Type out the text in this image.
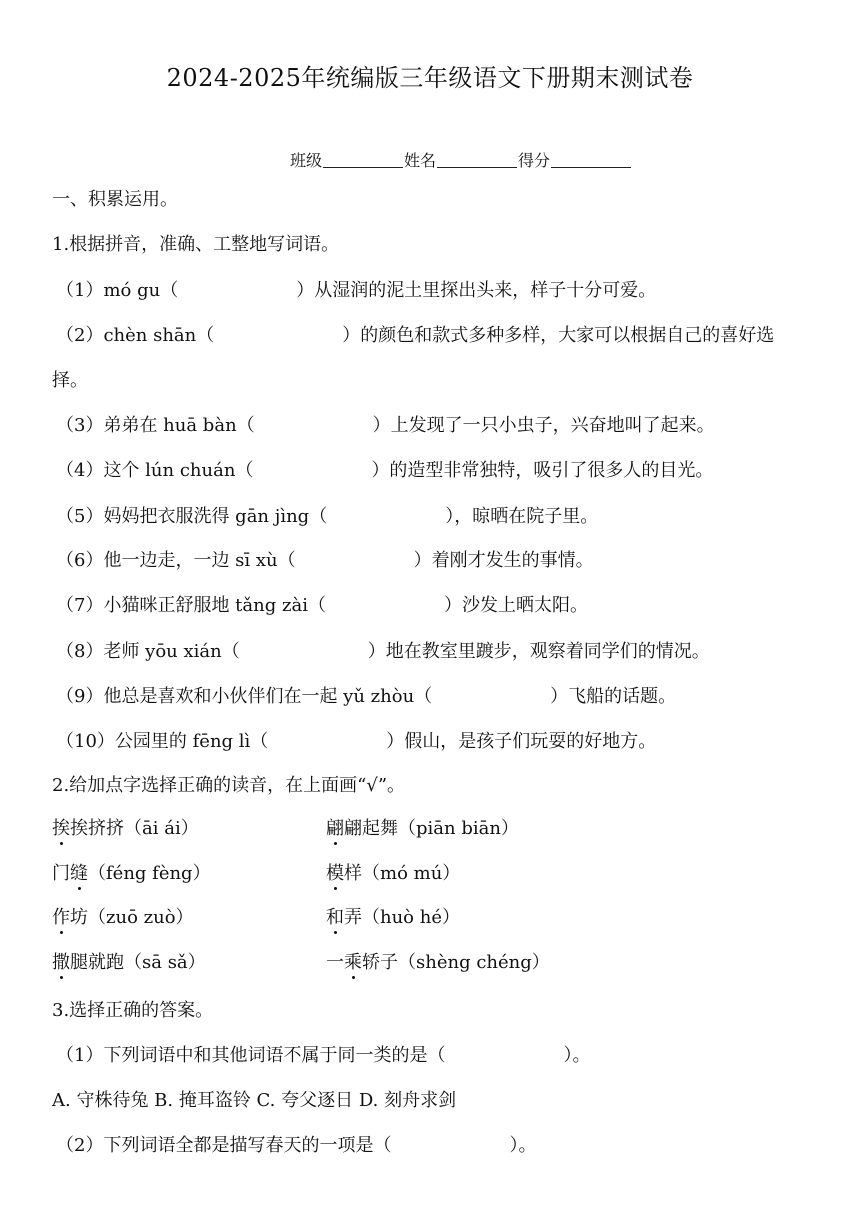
2024-2025年统编版三年级语文下册期末测试卷
班级	姓名	得分
一、积累运用。
1.根据拼音，准确、工整地写词语。
（1）mó gu（	）从湿润的泥土里探出头来，样子十分可爱。
（2）chèn shān（	）的颜色和款式多种多样，大家可以根据自己的喜好选
择。
（3）弟弟在 huā bàn（	）上发现了一只小虫子，兴奋地叫了起来。
（4）这个 lún chuán（	）的造型非常独特，吸引了很多人的目光。
（5）妈妈把衣服洗得 gān jìng（	），晾晒在院子里。
（6）他一边走，一边 sī xù（	）着刚才发生的事情。
（7）小猫咪正舒服地 tǎng zài（	）沙发上晒太阳。
（8）老师 yōu xián（	）地在教室里踱步，观察着同学们的情况。
（9）他总是喜欢和小伙伴们在一起 yǔ zhòu（	）飞船的话题。
（10）公园里的 fēng lì（	）假山，是孩子们玩耍的好地方。
2.给加点字选择正确的读音，在上面画“√”。
挨挨挤挤（āi ái）	翩翩起舞（piān biān）
门缝（féng fèng）	模样（mó mú）
作坊（zuō zuò）	和弄（huò hé）
撒腿就跑（sā sǎ）	一乘轿子（shèng chéng）
3.选择正确的答案。
（1）下列词语中和其他词语不属于同一类的是（	）。
A. 守株待兔 B. 掩耳盗铃 C. 夸父逐日 D. 刻舟求剑
（2）下列词语全都是描写春天的一项是（	）。
